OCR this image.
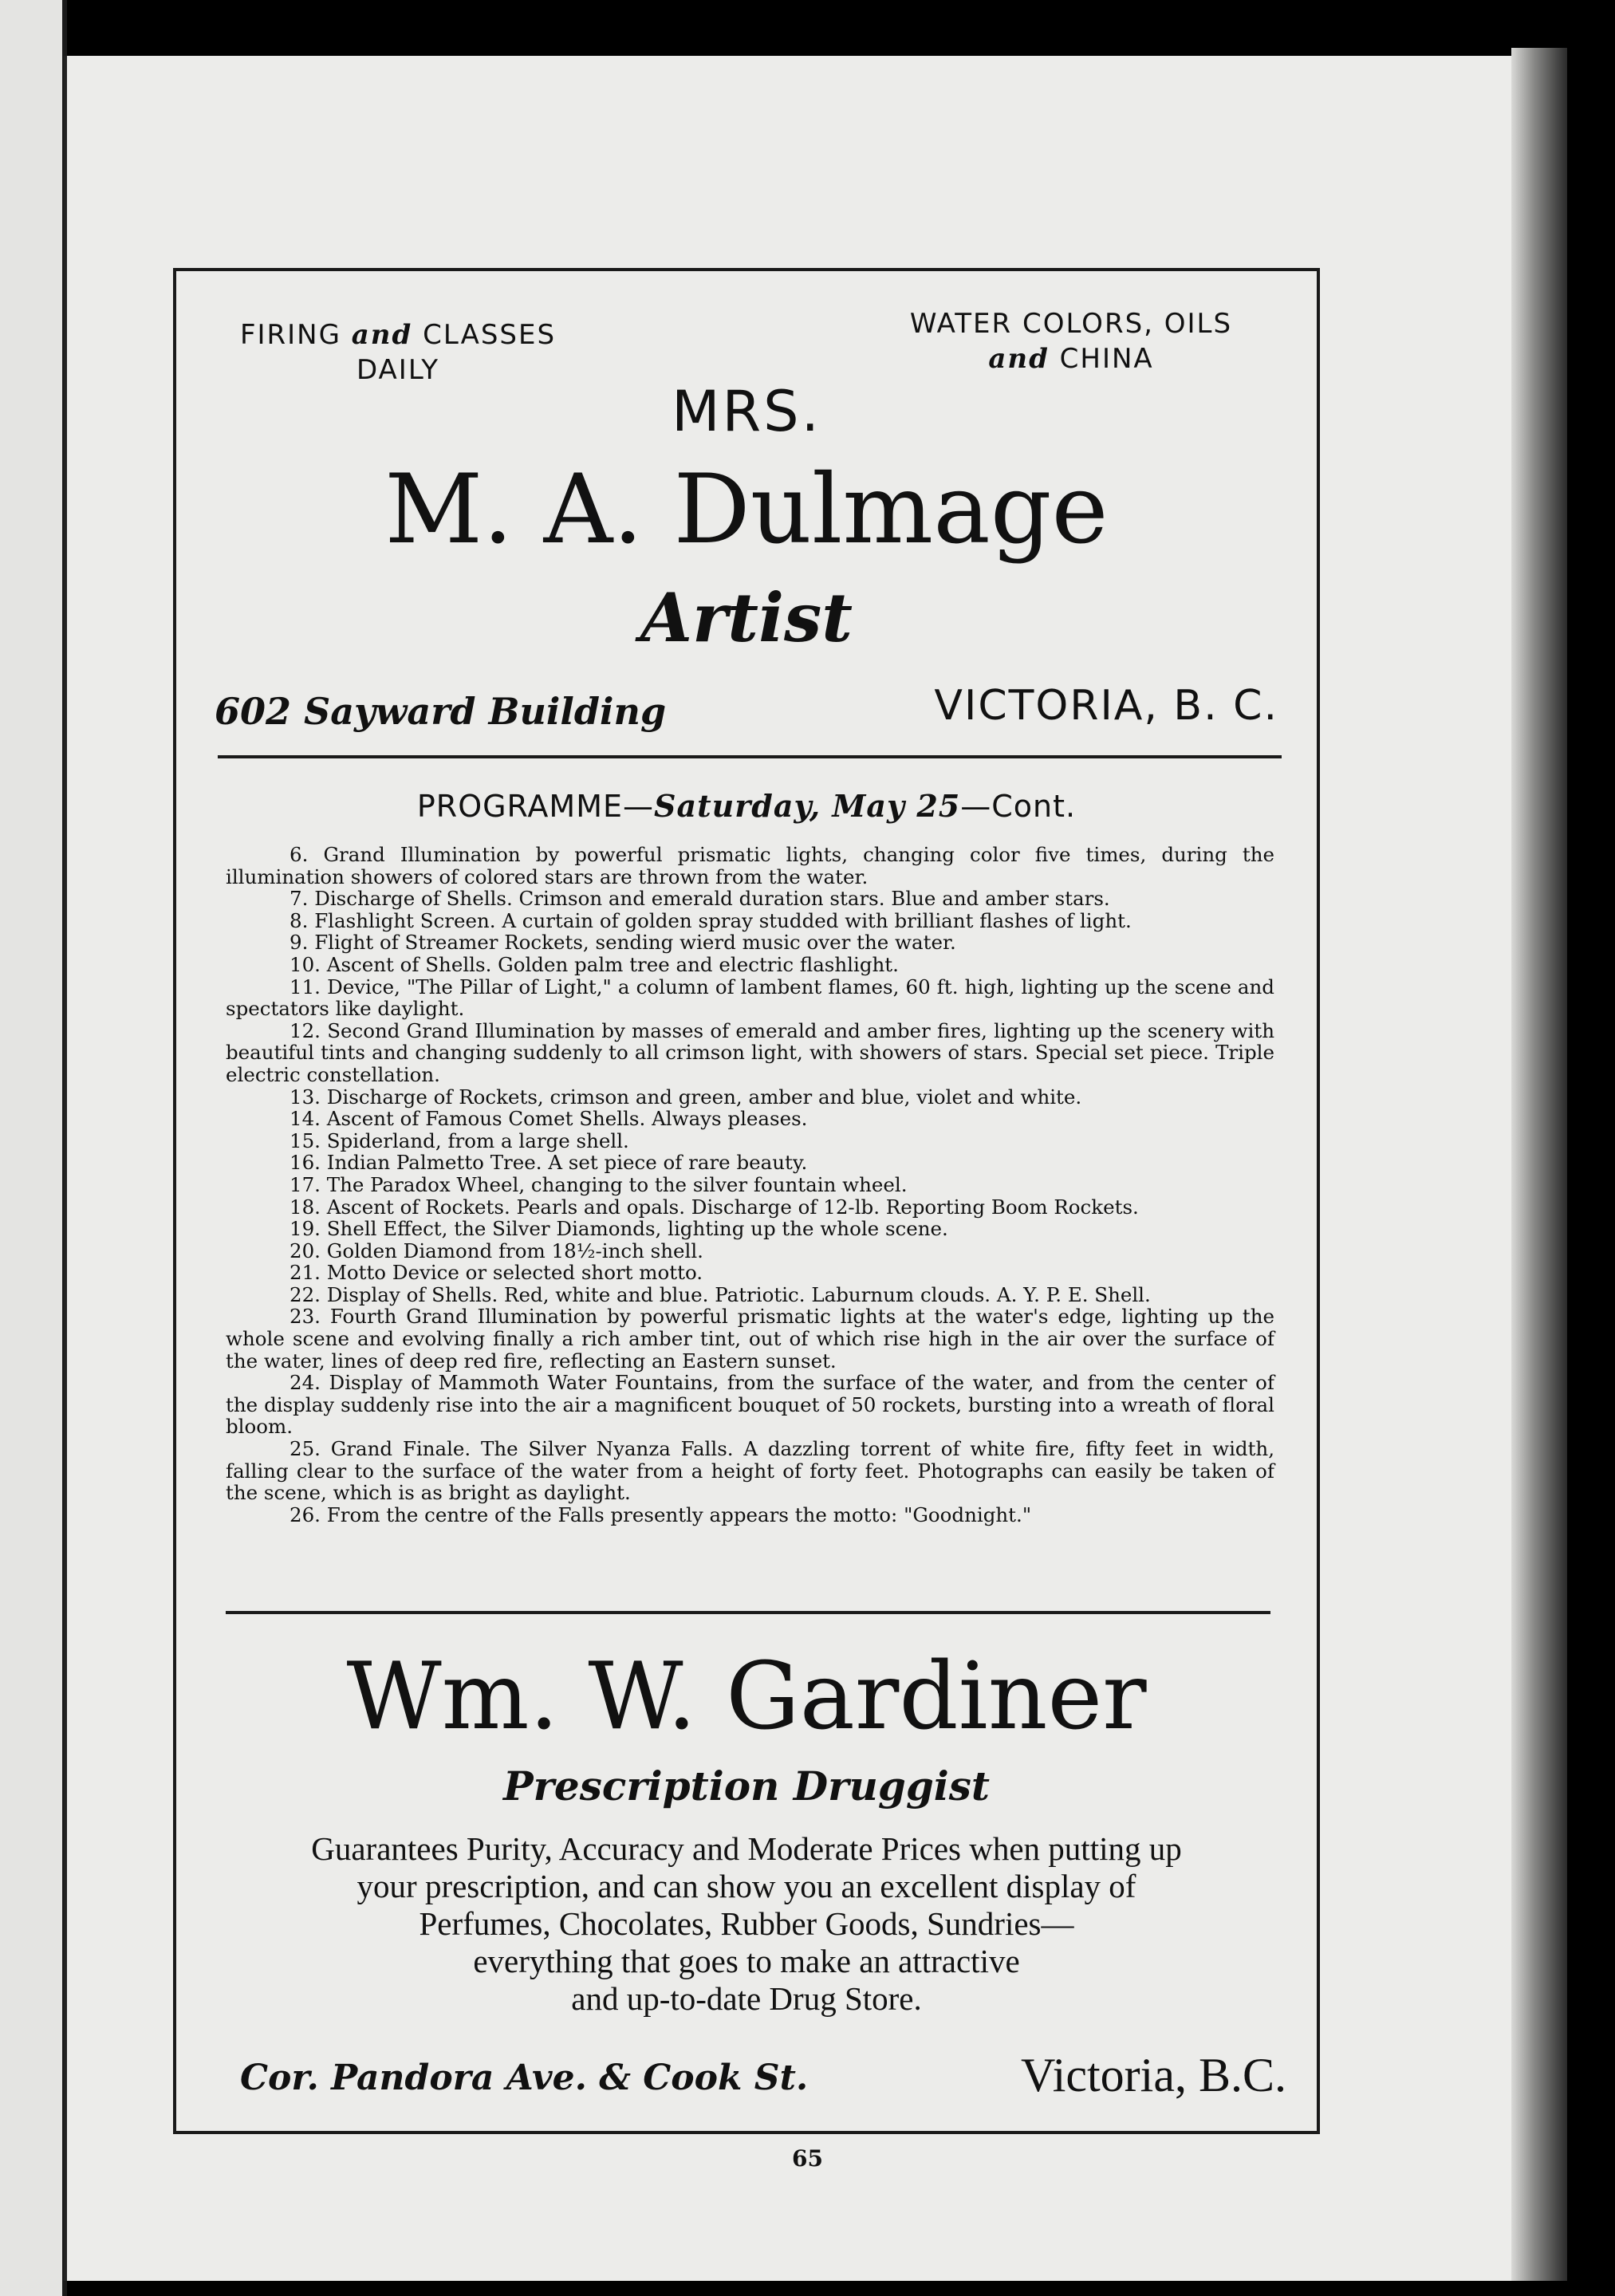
FIRING and CLASSES
DAILY
WATER COLORS, OILS
and CHINA
MRS.
M. A. Dulmage
Artist
602 Sayward Building	VICTORIA, B. C.
PROGRAMME—Saturday, May 25—Cont.

6. Grand Illumination by powerful prismatic lights, changing color five times, during the illumination showers of colored stars are thrown from the water.

7. Discharge of Shells. Crimson and emerald duration stars. Blue and amber stars.

8. Flashlight Screen. A curtain of golden spray studded with brilliant flashes of light.

9. Flight of Streamer Rockets, sending wierd music over the water.

10. Ascent of Shells. Golden palm tree and electric flashlight.

11. Device, "The Pillar of Light," a column of lambent flames, 60 ft. high, lighting up the scene and spectators like daylight.

12. Second Grand Illumination by masses of emerald and amber fires, lighting up the scenery with beautiful tints and changing suddenly to all crimson light, with showers of stars. Special set piece. Triple electric constellation.

13. Discharge of Rockets, crimson and green, amber and blue, violet and white.

14. Ascent of Famous Comet Shells. Always pleases.

15. Spiderland, from a large shell.

16. Indian Palmetto Tree. A set piece of rare beauty.

17. The Paradox Wheel, changing to the silver fountain wheel.

18. Ascent of Rockets. Pearls and opals. Discharge of 12-lb. Reporting Boom Rockets.

19. Shell Effect, the Silver Diamonds, lighting up the whole scene.

20. Golden Diamond from 18½-inch shell.

21. Motto Device or selected short motto.

22. Display of Shells. Red, white and blue. Patriotic. Laburnum clouds. A. Y. P. E. Shell.

23. Fourth Grand Illumination by powerful prismatic lights at the water's edge, lighting up the whole scene and evolving finally a rich amber tint, out of which rise high in the air over the surface of the water, lines of deep red fire, reflecting an Eastern sunset.

24. Display of Mammoth Water Fountains, from the surface of the water, and from the center of the display suddenly rise into the air a magnificent bouquet of 50 rockets, bursting into a wreath of floral bloom.

25. Grand Finale. The Silver Nyanza Falls. A dazzling torrent of white fire, fifty feet in width, falling clear to the surface of the water from a height of forty feet. Photographs can easily be taken of the scene, which is as bright as daylight.

26. From the centre of the Falls presently appears the motto: "Goodnight."

Wm. W. Gardiner
Prescription Druggist
Guarantees Purity, Accuracy and Moderate Prices when putting up
your prescription, and can show you an excellent display of
Perfumes, Chocolates, Rubber Goods, Sundries—
everything that goes to make an attractive
and up-to-date Drug Store.
Cor. Pandora Ave. & Cook St.	Victoria, B.C.
65
